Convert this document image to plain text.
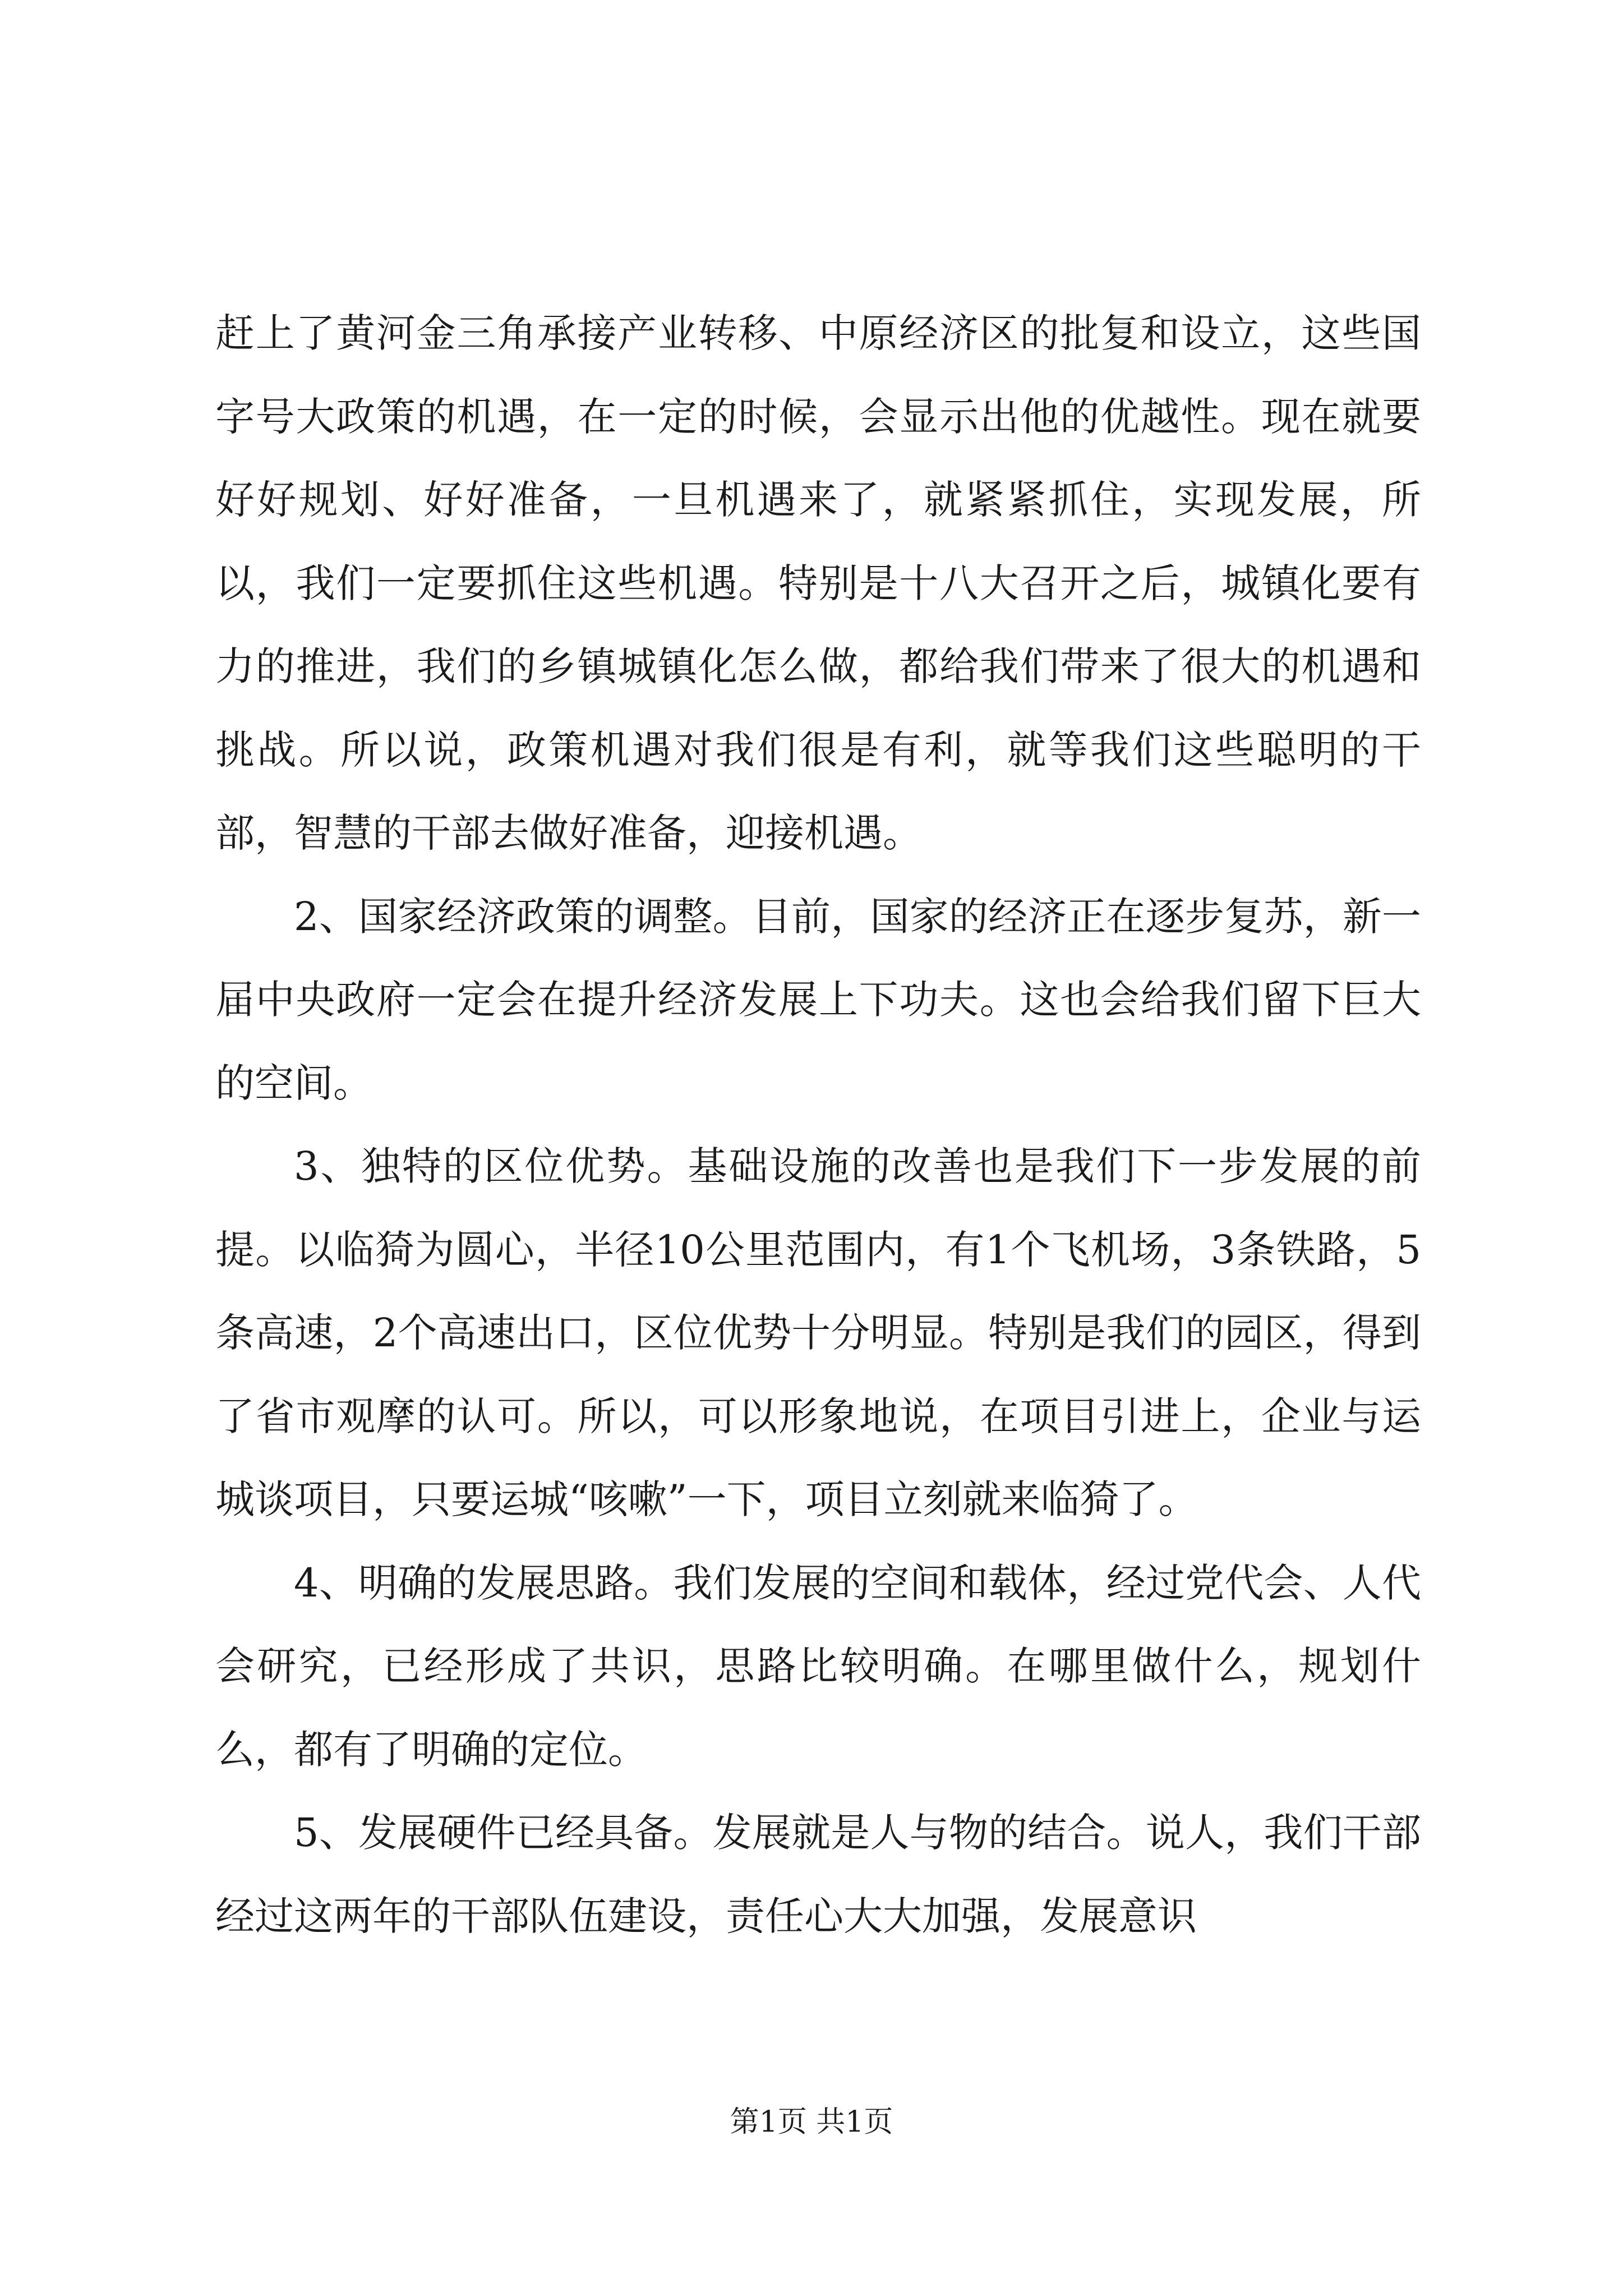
赶上了黄河金三角承接产业转移、中原经济区的批复和设立，这些国字号大政策的机遇，在一定的时候，会显示出他的优越性。现在就要好好规划、好好准备，一旦机遇来了，就紧紧抓住，实现发展，所以，我们一定要抓住这些机遇。特别是十八大召开之后，城镇化要有力的推进，我们的乡镇城镇化怎么做，都给我们带来了很大的机遇和挑战。所以说，政策机遇对我们很是有利，就等我们这些聪明的干部，智慧的干部去做好准备，迎接机遇。

2、国家经济政策的调整。目前，国家的经济正在逐步复苏，新一届中央政府一定会在提升经济发展上下功夫。这也会给我们留下巨大的空间。

3、独特的区位优势。基础设施的改善也是我们下一步发展的前提。以临猗为圆心，半径10公里范围内，有1个飞机场，3条铁路，5条高速，2个高速出口，区位优势十分明显。特别是我们的园区，得到了省市观摩的认可。所以，可以形象地说，在项目引进上，企业与运城谈项目，只要运城“咳嗽”一下，项目立刻就来临猗了。

4、明确的发展思路。我们发展的空间和载体，经过党代会、人代会研究，已经形成了共识，思路比较明确。在哪里做什么，规划什么，都有了明确的定位。

5、发展硬件已经具备。发展就是人与物的结合。说人，我们干部经过这两年的干部队伍建设，责任心大大加强，发展意识

第1页 共1页
